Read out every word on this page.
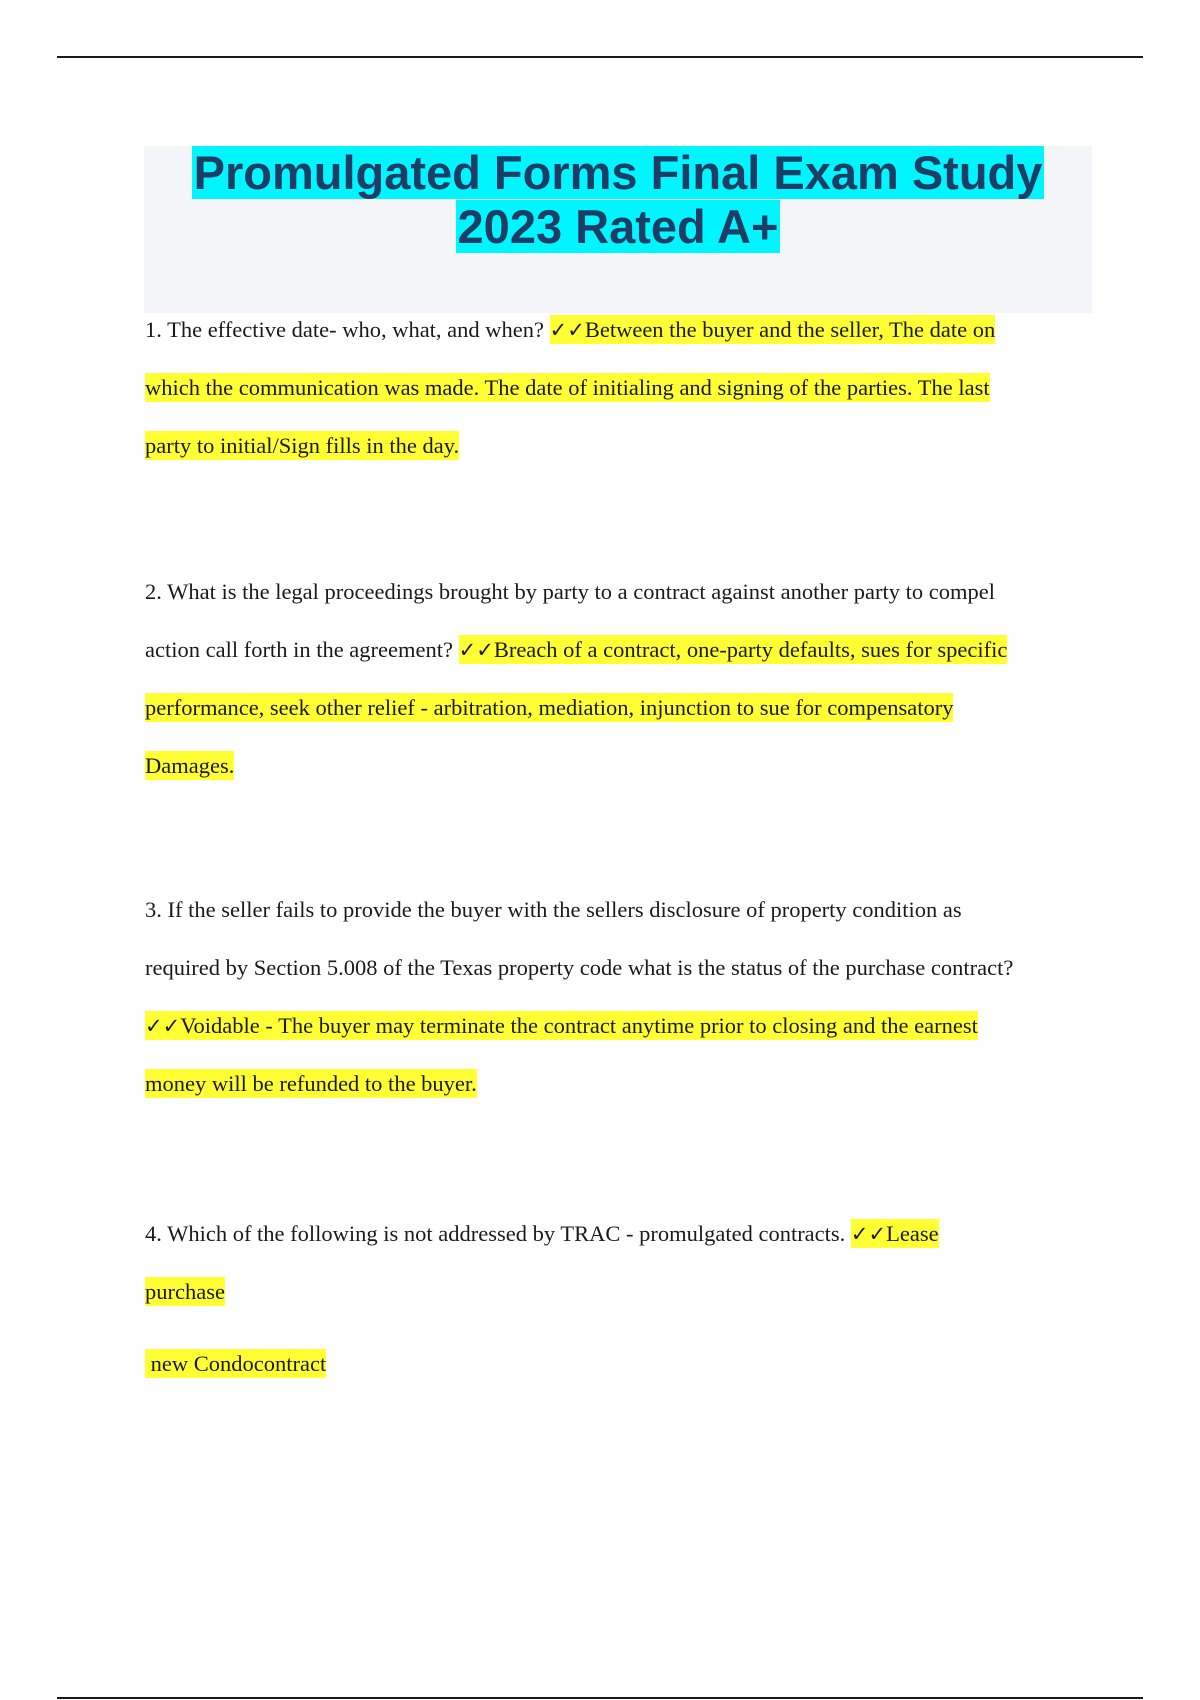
Promulgated Forms Final Exam Study
2023 Rated A+
1. The effective date- who, what, and when? ✓✓Between the buyer and the seller, The date on
which the communication was made. The date of initialing and signing of the parties. The last
party to initial/Sign fills in the day.
2. What is the legal proceedings brought by party to a contract against another party to compel
action call forth in the agreement? ✓✓Breach of a contract, one-party defaults, sues for specific
performance, seek other relief - arbitration, mediation, injunction to sue for compensatory
Damages.
3. If the seller fails to provide the buyer with the sellers disclosure of property condition as
required by Section 5.008 of the Texas property code what is the status of the purchase contract?
✓✓Voidable - The buyer may terminate the contract anytime prior to closing and the earnest
money will be refunded to the buyer.
4. Which of the following is not addressed by TRAC - promulgated contracts. ✓✓Lease
purchase
new Condocontract
